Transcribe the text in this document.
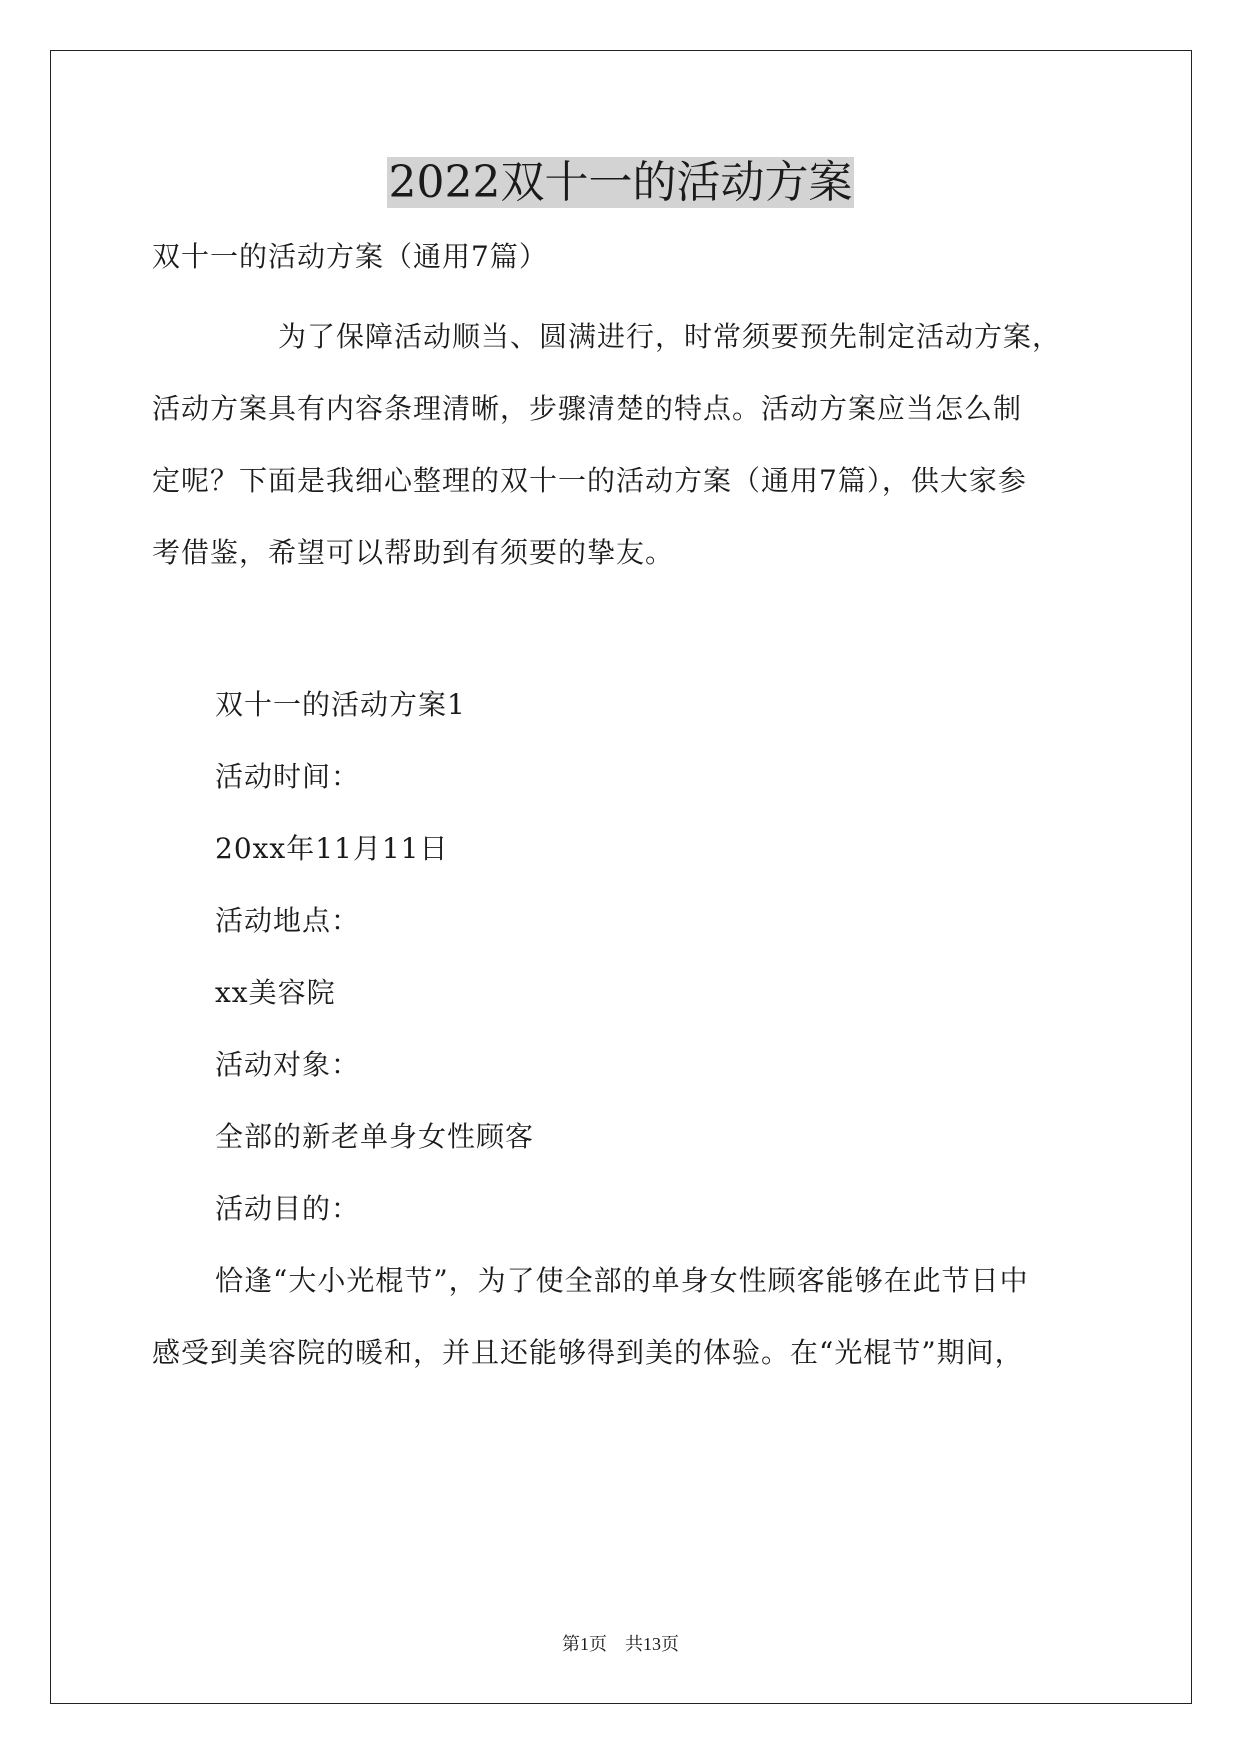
2022双十一的活动方案
双十一的活动方案（通用7篇）
为了保障活动顺当、圆满进行，时常须要预先制定活动方案，
活动方案具有内容条理清晰，步骤清楚的特点。活动方案应当怎么制
定呢？下面是我细心整理的双十一的活动方案（通用7篇），供大家参
考借鉴，希望可以帮助到有须要的挚友。
双十一的活动方案1
活动时间：
20xx年11月11日
活动地点：
xx美容院
活动对象：
全部的新老单身女性顾客
活动目的：
恰逢“大小光棍节”，为了使全部的单身女性顾客能够在此节日中
感受到美容院的暖和，并且还能够得到美的体验。在“光棍节”期间，
第1页　共13页
